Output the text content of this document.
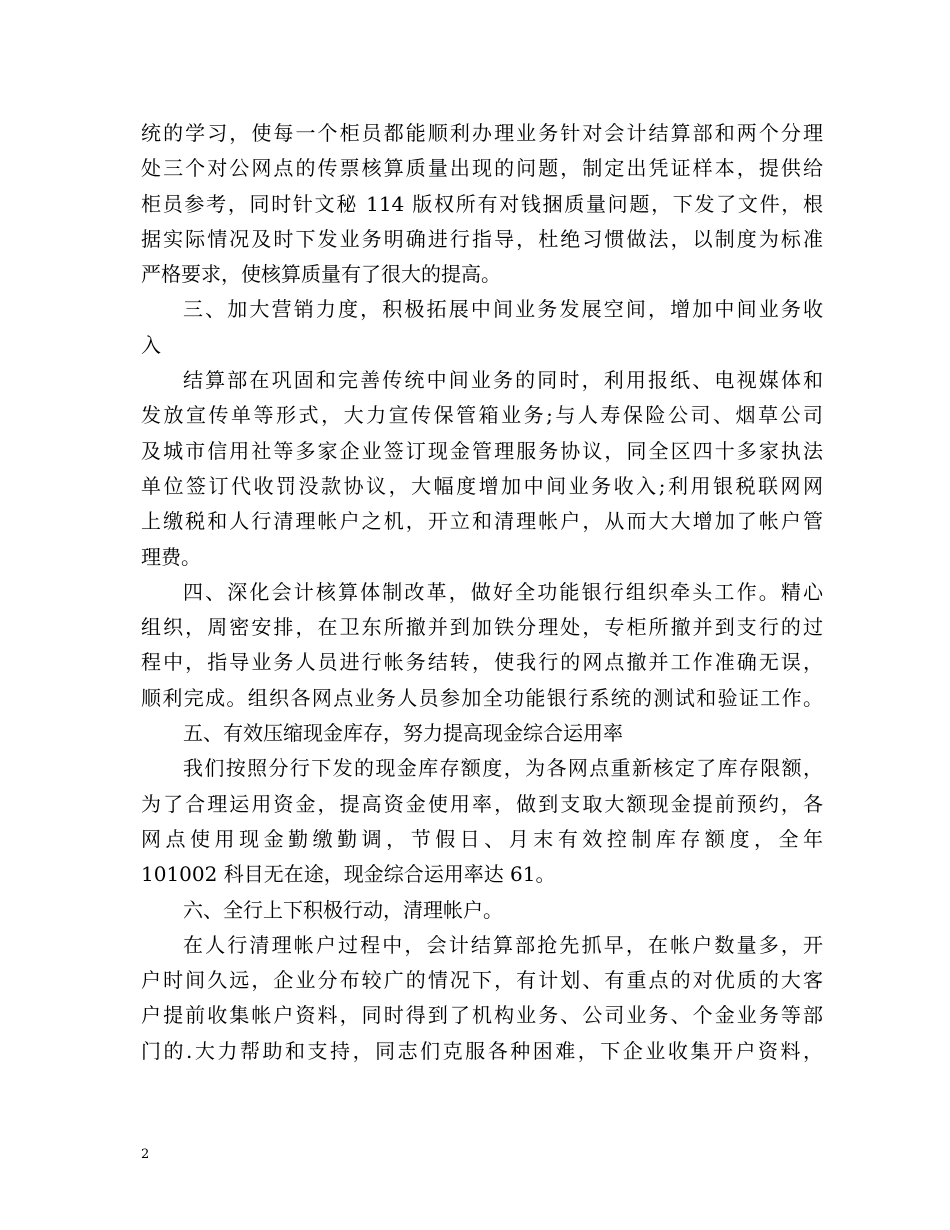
统的学习，使每一个柜员都能顺利办理业务针对会计结算部和两个分理
处三个对公网点的传票核算质量出现的问题，制定出凭证样本，提供给
柜员参考，同时针文秘 114 版权所有对钱捆质量问题，下发了文件，根
据实际情况及时下发业务明确进行指导，杜绝习惯做法，以制度为标准
严格要求，使核算质量有了很大的提高。
三、加大营销力度，积极拓展中间业务发展空间，增加中间业务收
入
结算部在巩固和完善传统中间业务的同时，利用报纸、电视媒体和
发放宣传单等形式，大力宣传保管箱业务;与人寿保险公司、烟草公司
及城市信用社等多家企业签订现金管理服务协议，同全区四十多家执法
单位签订代收罚没款协议，大幅度增加中间业务收入;利用银税联网网
上缴税和人行清理帐户之机，开立和清理帐户，从而大大增加了帐户管
理费。
四、深化会计核算体制改革，做好全功能银行组织牵头工作。精心
组织，周密安排，在卫东所撤并到加铁分理处，专柜所撤并到支行的过
程中，指导业务人员进行帐务结转，使我行的网点撤并工作准确无误，
顺利完成。组织各网点业务人员参加全功能银行系统的测试和验证工作。
五、有效压缩现金库存，努力提高现金综合运用率
我们按照分行下发的现金库存额度，为各网点重新核定了库存限额，
为了合理运用资金，提高资金使用率，做到支取大额现金提前预约，各
网点使用现金勤缴勤调，节假日、月末有效控制库存额度，全年
101002 科目无在途，现金综合运用率达 61。
六、全行上下积极行动，清理帐户。
在人行清理帐户过程中，会计结算部抢先抓早，在帐户数量多，开
户时间久远，企业分布较广的情况下，有计划、有重点的对优质的大客
户提前收集帐户资料，同时得到了机构业务、公司业务、个金业务等部
门的.大力帮助和支持，同志们克服各种困难，下企业收集开户资料，
2
